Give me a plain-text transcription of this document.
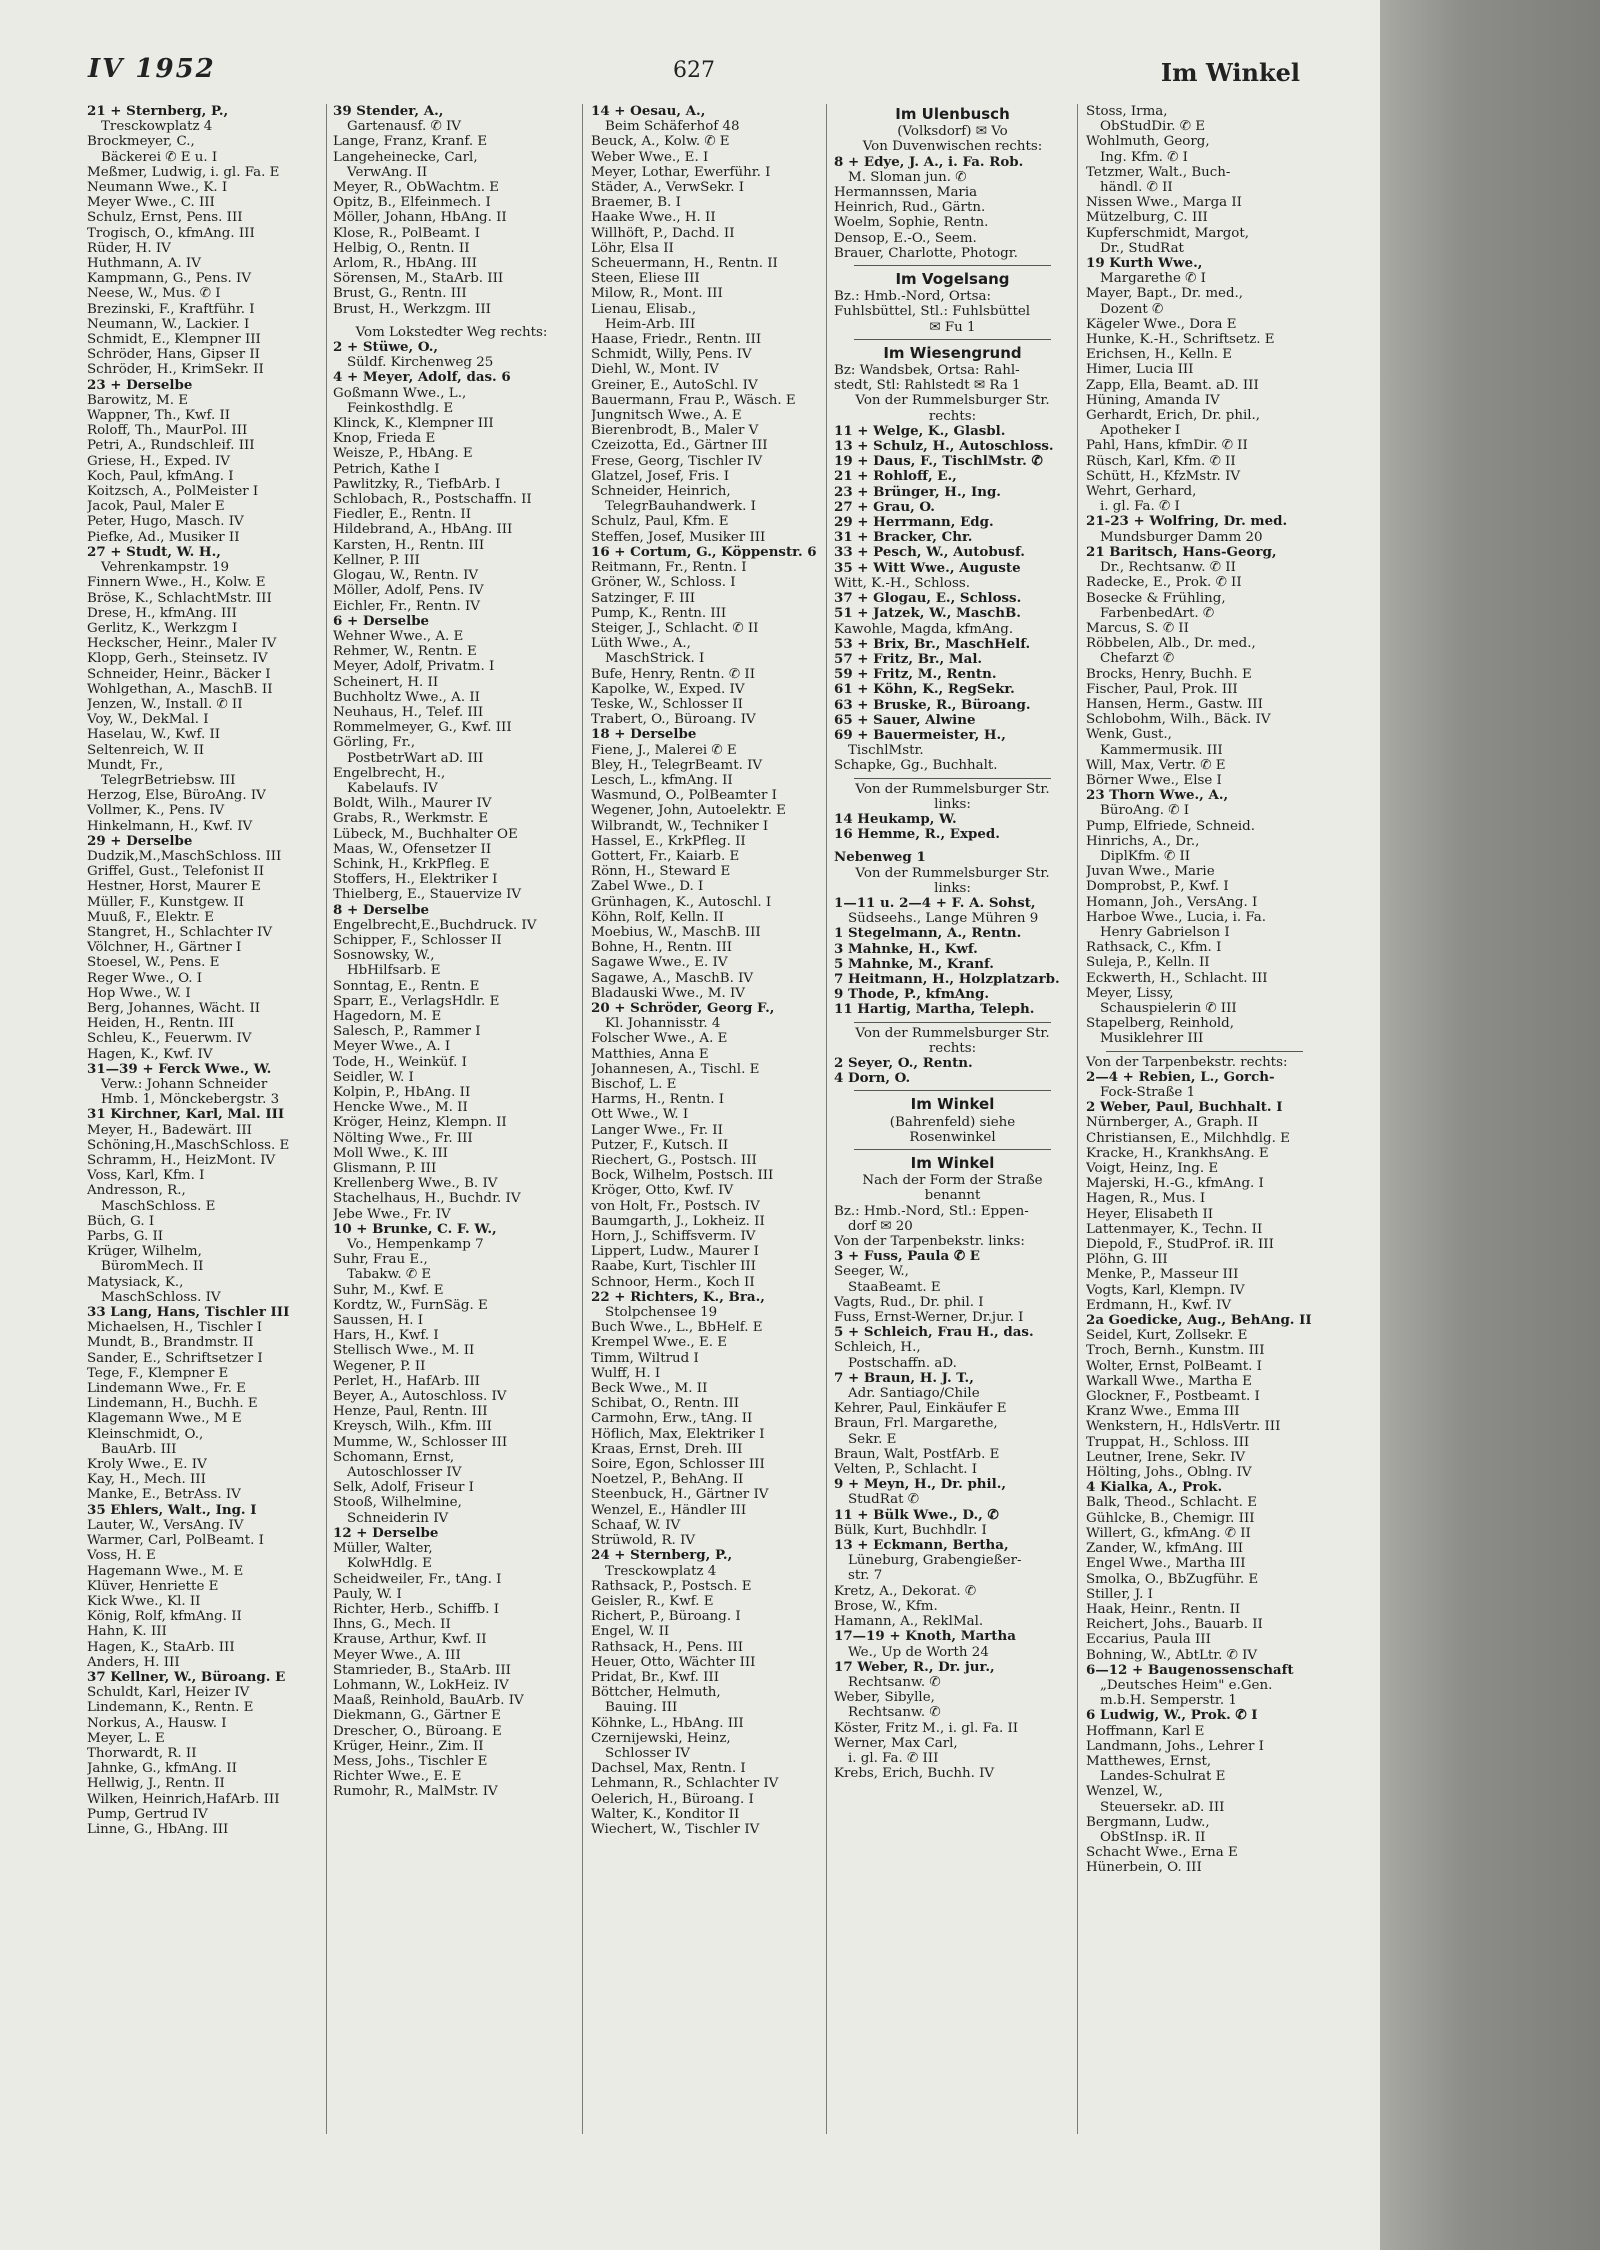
IV 1952	627	Im Winkel
21 + Sternberg, P.,
Tresckowplatz 4
Brockmeyer, C.,
Bäckerei ✆ E u. I
Meßmer, Ludwig, i. gl. Fa. E
Neumann Wwe., K. I
Meyer Wwe., C. III
Schulz, Ernst, Pens. III
Trogisch, O., kfmAng. III
Rüder, H. IV
Huthmann, A. IV
Kampmann, G., Pens. IV
Neese, W., Mus. ✆ I
Brezinski, F., Kraftführ. I
Neumann, W., Lackier. I
Schmidt, E., Klempner III
Schröder, Hans, Gipser II
Schröder, H., KrimSekr. II
23 + Derselbe
Barowitz, M. E
Wappner, Th., Kwf. II
Roloff, Th., MaurPol. III
Petri, A., Rundschleif. III
Griese, H., Exped. IV
Koch, Paul, kfmAng. I
Koitzsch, A., PolMeister I
Jacok, Paul, Maler E
Peter, Hugo, Masch. IV
Piefke, Ad., Musiker II
27 + Studt, W. H.,
Vehrenkampstr. 19
Finnern Wwe., H., Kolw. E
Bröse, K., SchlachtMstr. III
Drese, H., kfmAng. III
Gerlitz, K., Werkzgm I
Heckscher, Heinr., Maler IV
Klopp, Gerh., Steinsetz. IV
Schneider, Heinr., Bäcker I
Wohlgethan, A., MaschB. II
Jenzen, W., Install. ✆ II
Voy, W., DekMal. I
Haselau, W., Kwf. II
Seltenreich, W. II
Mundt, Fr.,
TelegrBetriebsw. III
Herzog, Else, BüroAng. IV
Vollmer, K., Pens. IV
Hinkelmann, H., Kwf. IV
29 + Derselbe
Dudzik,M.,MaschSchloss. III
Griffel, Gust., Telefonist II
Hestner, Horst, Maurer E
Müller, F., Kunstgew. II
Muuß, F., Elektr. E
Stangret, H., Schlachter IV
Völchner, H., Gärtner I
Stoesel, W., Pens. E
Reger Wwe., O. I
Hop Wwe., W. I
Berg, Johannes, Wächt. II
Heiden, H., Rentn. III
Schleu, K., Feuerwm. IV
Hagen, K., Kwf. IV
31—39 + Ferck Wwe., W.
Verw.: Johann Schneider
Hmb. 1, Mönckebergstr. 3
31 Kirchner, Karl, Mal. III
Meyer, H., Badewärt. III
Schöning,H.,MaschSchloss. E
Schramm, H., HeizMont. IV
Voss, Karl, Kfm. I
Andresson, R.,
MaschSchloss. E
Büch, G. I
Parbs, G. II
Krüger, Wilhelm,
BüromMech. II
Matysiack, K.,
MaschSchloss. IV
33 Lang, Hans, Tischler III
Michaelsen, H., Tischler I
Mundt, B., Brandmstr. II
Sander, E., Schriftsetzer I
Tege, F., Klempner E
Lindemann Wwe., Fr. E
Lindemann, H., Buchh. E
Klagemann Wwe., M E
Kleinschmidt, O.,
BauArb. III
Kroly Wwe., E. IV
Kay, H., Mech. III
Manke, E., BetrAss. IV
35 Ehlers, Walt., Ing. I
Lauter, W., VersAng. IV
Warmer, Carl, PolBeamt. I
Voss, H. E
Hagemann Wwe., M. E
Klüver, Henriette E
Kick Wwe., Kl. II
König, Rolf, kfmAng. II
Hahn, K. III
Hagen, K., StaArb. III
Anders, H. III
37 Kellner, W., Büroang. E
Schuldt, Karl, Heizer IV
Lindemann, K., Rentn. E
Norkus, A., Hausw. I
Meyer, L. E
Thorwardt, R. II
Jahnke, G., kfmAng. II
Hellwig, J., Rentn. II
Wilken, Heinrich,HafArb. III
Pump, Gertrud IV
Linne, G., HbAng. III
39 Stender, A.,
Gartenausf. ✆ IV
Lange, Franz, Kranf. E
Langeheinecke, Carl,
VerwAng. II
Meyer, R., ObWachtm. E
Opitz, B., Elfeinmech. I
Möller, Johann, HbAng. II
Klose, R., PolBeamt. I
Helbig, O., Rentn. II
Arlom, R., HbAng. III
Sörensen, M., StaArb. III
Brust, G., Rentn. III
Brust, H., Werkzgm. III
Vom Lokstedter Weg rechts:
2 + Stüwe, O.,
Süldf. Kirchenweg 25
4 + Meyer, Adolf, das. 6
Goßmann Wwe., L.,
Feinkosthdlg. E
Klinck, K., Klempner III
Knop, Frieda E
Weisze, P., HbAng. E
Petrich, Kathe I
Pawlitzky, R., TiefbArb. I
Schlobach, R., Postschaffn. II
Fiedler, E., Rentn. II
Hildebrand, A., HbAng. III
Karsten, H., Rentn. III
Kellner, P. III
Glogau, W., Rentn. IV
Möller, Adolf, Pens. IV
Eichler, Fr., Rentn. IV
6 + Derselbe
Wehner Wwe., A. E
Rehmer, W., Rentn. E
Meyer, Adolf, Privatm. I
Scheinert, H. II
Buchholtz Wwe., A. II
Neuhaus, H., Telef. III
Rommelmeyer, G., Kwf. III
Görling, Fr.,
PostbetrWart aD. III
Engelbrecht, H.,
Kabelaufs. IV
Boldt, Wilh., Maurer IV
Grabs, R., Werkmstr. E
Lübeck, M., Buchhalter OE
Maas, W., Ofensetzer II
Schink, H., KrkPfleg. E
Stoffers, H., Elektriker I
Thielberg, E., Stauervize IV
8 + Derselbe
Engelbrecht,E.,Buchdruck. IV
Schipper, F., Schlosser II
Sosnowsky, W.,
HbHilfsarb. E
Sonntag, E., Rentn. E
Sparr, E., VerlagsHdlr. E
Hagedorn, M. E
Salesch, P., Rammer I
Meyer Wwe., A. I
Tode, H., Weinküf. I
Seidler, W. I
Kolpin, P., HbAng. II
Hencke Wwe., M. II
Kröger, Heinz, Klempn. II
Nölting Wwe., Fr. III
Moll Wwe., K. III
Glismann, P. III
Krellenberg Wwe., B. IV
Stachelhaus, H., Buchdr. IV
Jebe Wwe., Fr. IV
10 + Brunke, C. F. W.,
Vo., Hempenkamp 7
Suhr, Frau E.,
Tabakw. ✆ E
Suhr, M., Kwf. E
Kordtz, W., FurnSäg. E
Saussen, H. I
Hars, H., Kwf. I
Stellisch Wwe., M. II
Wegener, P. II
Perlet, H., HafArb. III
Beyer, A., Autoschloss. IV
Henze, Paul, Rentn. III
Kreysch, Wilh., Kfm. III
Mumme, W., Schlosser III
Schomann, Ernst,
Autoschlosser IV
Selk, Adolf, Friseur I
Stooß, Wilhelmine,
Schneiderin IV
12 + Derselbe
Müller, Walter,
KolwHdlg. E
Scheidweiler, Fr., tAng. I
Pauly, W. I
Richter, Herb., Schiffb. I
Ihns, G., Mech. II
Krause, Arthur, Kwf. II
Meyer Wwe., A. III
Stamrieder, B., StaArb. III
Lohmann, W., LokHeiz. IV
Maaß, Reinhold, BauArb. IV
Diekmann, G., Gärtner E
Drescher, O., Büroang. E
Krüger, Heinr., Zim. II
Mess, Johs., Tischler E
Richter Wwe., E. E
Rumohr, R., MalMstr. IV
14 + Oesau, A.,
Beim Schäferhof 48
Beuck, A., Kolw. ✆ E
Weber Wwe., E. I
Meyer, Lothar, Ewerführ. I
Städer, A., VerwSekr. I
Braemer, B. I
Haake Wwe., H. II
Willhöft, P., Dachd. II
Löhr, Elsa II
Scheuermann, H., Rentn. II
Steen, Eliese III
Milow, R., Mont. III
Lienau, Elisab.,
Heim-Arb. III
Haase, Friedr., Rentn. III
Schmidt, Willy, Pens. IV
Diehl, W., Mont. IV
Greiner, E., AutoSchl. IV
Bauermann, Frau P., Wäsch. E
Jungnitsch Wwe., A. E
Bierenbrodt, B., Maler V
Czeizotta, Ed., Gärtner III
Frese, Georg, Tischler IV
Glatzel, Josef, Fris. I
Schneider, Heinrich,
TelegrBauhandwerk. I
Schulz, Paul, Kfm. E
Steffen, Josef, Musiker III
16 + Cortum, G., Köppenstr. 6
Reitmann, Fr., Rentn. I
Gröner, W., Schloss. I
Satzinger, F. III
Pump, K., Rentn. III
Steiger, J., Schlacht. ✆ II
Lüth Wwe., A.,
MaschStrick. I
Bufe, Henry, Rentn. ✆ II
Kapolke, W., Exped. IV
Teske, W., Schlosser II
Trabert, O., Büroang. IV
18 + Derselbe
Fiene, J., Malerei ✆ E
Bley, H., TelegrBeamt. IV
Lesch, L., kfmAng. II
Wasmund, O., PolBeamter I
Wegener, John, Autoelektr. E
Wilbrandt, W., Techniker I
Hassel, E., KrkPfleg. II
Gottert, Fr., Kaiarb. E
Rönn, H., Steward E
Zabel Wwe., D. I
Grünhagen, K., Autoschl. I
Köhn, Rolf, Kelln. II
Moebius, W., MaschB. III
Bohne, H., Rentn. III
Sagawe Wwe., E. IV
Sagawe, A., MaschB. IV
Bladauski Wwe., M. IV
20 + Schröder, Georg F.,
Kl. Johannisstr. 4
Folscher Wwe., A. E
Matthies, Anna E
Johannesen, A., Tischl. E
Bischof, L. E
Harms, H., Rentn. I
Ott Wwe., W. I
Langer Wwe., Fr. II
Putzer, F., Kutsch. II
Riechert, G., Postsch. III
Bock, Wilhelm, Postsch. III
Kröger, Otto, Kwf. IV
von Holt, Fr., Postsch. IV
Baumgarth, J., Lokheiz. II
Horn, J., Schiffsverm. IV
Lippert, Ludw., Maurer I
Raabe, Kurt, Tischler III
Schnoor, Herm., Koch II
22 + Richters, K., Bra.,
Stolpchensee 19
Buch Wwe., L., BbHelf. E
Krempel Wwe., E. E
Timm, Wiltrud I
Wulff, H. I
Beck Wwe., M. II
Schibat, O., Rentn. III
Carmohn, Erw., tAng. II
Höflich, Max, Elektriker I
Kraas, Ernst, Dreh. III
Soire, Egon, Schlosser III
Noetzel, P., BehAng. II
Steenbuck, H., Gärtner IV
Wenzel, E., Händler III
Schaaf, W. IV
Strüwold, R. IV
24 + Sternberg, P.,
Tresckowplatz 4
Rathsack, P., Postsch. E
Geisler, R., Kwf. E
Richert, P., Büroang. I
Engel, W. II
Rathsack, H., Pens. III
Heuer, Otto, Wächter III
Pridat, Br., Kwf. III
Böttcher, Helmuth,
Bauing. III
Köhnke, L., HbAng. III
Czernijewski, Heinz,
Schlosser IV
Dachsel, Max, Rentn. I
Lehmann, R., Schlachter IV
Oelerich, H., Büroang. I
Walter, K., Konditor II
Wiechert, W., Tischler IV
Im Ulenbusch
(Volksdorf) ✉ Vo
Von Duvenwischen rechts:
8 + Edye, J. A., i. Fa. Rob.
M. Sloman jun. ✆
Hermannssen, Maria
Heinrich, Rud., Gärtn.
Woelm, Sophie, Rentn.
Densop, E.-O., Seem.
Brauer, Charlotte, Photogr.
Im Vogelsang
Bz.: Hmb.-Nord, Ortsa:
Fuhlsbüttel, Stl.: Fuhlsbüttel
✉ Fu 1
Im Wiesengrund
Bz: Wandsbek, Ortsa: Rahl-
stedt, Stl: Rahlstedt ✉ Ra 1
Von der Rummelsburger Str.
rechts:
11 + Welge, K., Glasbl.
13 + Schulz, H., Autoschloss.
19 + Daus, F., TischlMstr. ✆
21 + Rohloff, E.,
23 + Brünger, H., Ing.
27 + Grau, O.
29 + Herrmann, Edg.
31 + Bracker, Chr.
33 + Pesch, W., Autobusf.
35 + Witt Wwe., Auguste
Witt, K.-H., Schloss.
37 + Glogau, E., Schloss.
51 + Jatzek, W., MaschB.
Kawohle, Magda, kfmAng.
53 + Brix, Br., MaschHelf.
57 + Fritz, Br., Mal.
59 + Fritz, M., Rentn.
61 + Köhn, K., RegSekr.
63 + Bruske, R., Büroang.
65 + Sauer, Alwine
69 + Bauermeister, H.,
TischlMstr.
Schapke, Gg., Buchhalt.
Von der Rummelsburger Str.
links:
14 Heukamp, W.
16 Hemme, R., Exped.
Nebenweg 1
Von der Rummelsburger Str.
links:
1—11 u. 2—4 + F. A. Sohst,
Südseehs., Lange Mühren 9
1 Stegelmann, A., Rentn.
3 Mahnke, H., Kwf.
5 Mahnke, M., Kranf.
7 Heitmann, H., Holzplatzarb.
9 Thode, P., kfmAng.
11 Hartig, Martha, Teleph.
Von der Rummelsburger Str.
rechts:
2 Seyer, O., Rentn.
4 Dorn, O.
Im Winkel
(Bahrenfeld) siehe
Rosenwinkel
Im Winkel
Nach der Form der Straße
benannt
Bz.: Hmb.-Nord, Stl.: Eppen-
dorf ✉ 20
Von der Tarpenbekstr. links:
3 + Fuss, Paula ✆ E
Seeger, W.,
StaaBeamt. E
Vagts, Rud., Dr. phil. I
Fuss, Ernst-Werner, Dr.jur. I
5 + Schleich, Frau H., das.
Schleich, H.,
Postschaffn. aD.
7 + Braun, H. J. T.,
Adr. Santiago/Chile
Kehrer, Paul, Einkäufer E
Braun, Frl. Margarethe,
Sekr. E
Braun, Walt, PostfArb. E
Velten, P., Schlacht. I
9 + Meyn, H., Dr. phil.,
StudRat ✆
11 + Bülk Wwe., D., ✆
Bülk, Kurt, Buchhdlr. I
13 + Eckmann, Bertha,
Lüneburg, Grabengießer-
str. 7
Kretz, A., Dekorat. ✆
Brose, W., Kfm.
Hamann, A., ReklMal.
17—19 + Knoth, Martha
We., Up de Worth 24
17 Weber, R., Dr. jur.,
Rechtsanw. ✆
Weber, Sibylle,
Rechtsanw. ✆
Köster, Fritz M., i. gl. Fa. II
Werner, Max Carl,
i. gl. Fa. ✆ III
Krebs, Erich, Buchh. IV
Stoss, Irma,
ObStudDir. ✆ E
Wohlmuth, Georg,
Ing. Kfm. ✆ I
Tetzmer, Walt., Buch-
händl. ✆ II
Nissen Wwe., Marga II
Mützelburg, C. III
Kupferschmidt, Margot,
Dr., StudRat
19 Kurth Wwe.,
Margarethe ✆ I
Mayer, Bapt., Dr. med.,
Dozent ✆
Kägeler Wwe., Dora E
Hunke, K.-H., Schriftsetz. E
Erichsen, H., Kelln. E
Himer, Lucia III
Zapp, Ella, Beamt. aD. III
Hüning, Amanda IV
Gerhardt, Erich, Dr. phil.,
Apotheker I
Pahl, Hans, kfmDir. ✆ II
Rüsch, Karl, Kfm. ✆ II
Schütt, H., KfzMstr. IV
Wehrt, Gerhard,
i. gl. Fa. ✆ I
21-23 + Wolfring, Dr. med.
Mundsburger Damm 20
21 Baritsch, Hans-Georg,
Dr., Rechtsanw. ✆ II
Radecke, E., Prok. ✆ II
Bosecke & Frühling,
FarbenbedArt. ✆
Marcus, S. ✆ II
Röbbelen, Alb., Dr. med.,
Chefarzt ✆
Brocks, Henry, Buchh. E
Fischer, Paul, Prok. III
Hansen, Herm., Gastw. III
Schlobohm, Wilh., Bäck. IV
Wenk, Gust.,
Kammermusik. III
Will, Max, Vertr. ✆ E
Börner Wwe., Else I
23 Thorn Wwe., A.,
BüroAng. ✆ I
Pump, Elfriede, Schneid.
Hinrichs, A., Dr.,
DiplKfm. ✆ II
Juvan Wwe., Marie
Domprobst, P., Kwf. I
Homann, Joh., VersAng. I
Harboe Wwe., Lucia, i. Fa.
Henry Gabrielson I
Rathsack, C., Kfm. I
Suleja, P., Kelln. II
Eckwerth, H., Schlacht. III
Meyer, Lissy,
Schauspielerin ✆ III
Stapelberg, Reinhold,
Musiklehrer III
Von der Tarpenbekstr. rechts:
2—4 + Rebien, L., Gorch-
Fock-Straße 1
2 Weber, Paul, Buchhalt. I
Nürnberger, A., Graph. II
Christiansen, E., Milchhdlg. E
Kracke, H., KrankhsAng. E
Voigt, Heinz, Ing. E
Majerski, H.-G., kfmAng. I
Hagen, R., Mus. I
Heyer, Elisabeth II
Lattenmayer, K., Techn. II
Diepold, F., StudProf. iR. III
Plöhn, G. III
Menke, P., Masseur III
Vogts, Karl, Klempn. IV
Erdmann, H., Kwf. IV
2a Goedicke, Aug., BehAng. II
Seidel, Kurt, Zollsekr. E
Troch, Bernh., Kunstm. III
Wolter, Ernst, PolBeamt. I
Warkall Wwe., Martha E
Glockner, F., Postbeamt. I
Kranz Wwe., Emma III
Wenkstern, H., HdlsVertr. III
Truppat, H., Schloss. III
Leutner, Irene, Sekr. IV
Hölting, Johs., Oblng. IV
4 Kialka, A., Prok.
Balk, Theod., Schlacht. E
Gühlcke, B., Chemigr. III
Willert, G., kfmAng. ✆ II
Zander, W., kfmAng. III
Engel Wwe., Martha III
Smolka, O., BbZugführ. E
Stiller, J. I
Haak, Heinr., Rentn. II
Reichert, Johs., Bauarb. II
Eccarius, Paula III
Bohning, W., AbtLtr. ✆ IV
6—12 + Baugenossenschaft
„Deutsches Heim" e.Gen.
m.b.H. Semperstr. 1
6 Ludwig, W., Prok. ✆ I
Hoffmann, Karl E
Landmann, Johs., Lehrer I
Matthewes, Ernst,
Landes-Schulrat E
Wenzel, W.,
Steuersekr. aD. III
Bergmann, Ludw.,
ObStInsp. iR. II
Schacht Wwe., Erna E
Hünerbein, O. III
